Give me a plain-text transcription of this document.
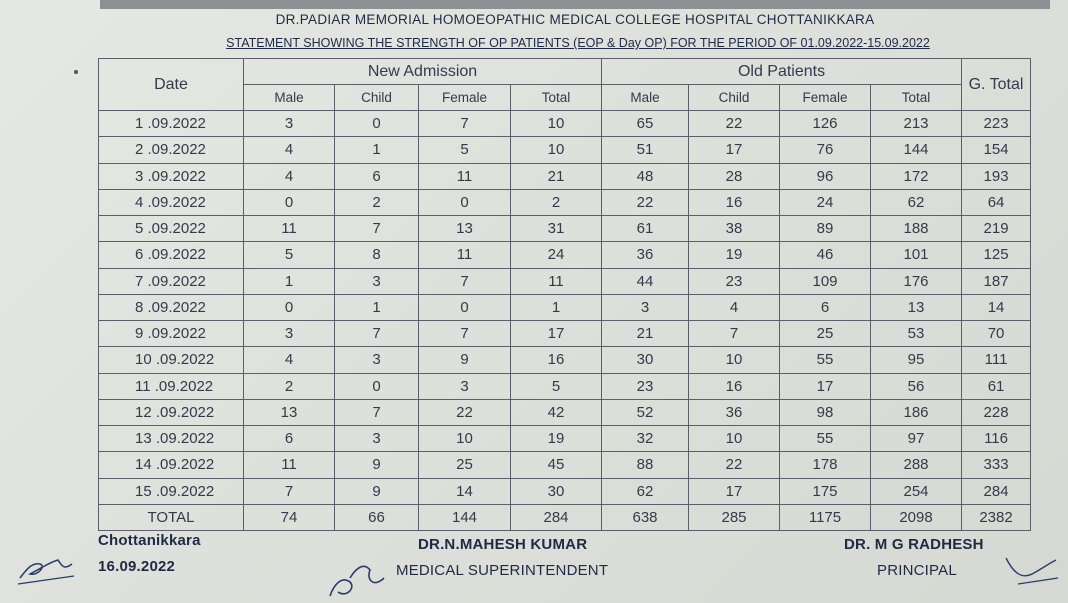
DR.PADIAR MEMORIAL HOMOEOPATHIC MEDICAL COLLEGE HOSPITAL CHOTTANIKKARA
STATEMENT SHOWING THE STRENGTH OF OP PATIENTS (EOP & Day OP) FOR THE PERIOD OF 01.09.2022-15.09.2022
Date	New Admission				Old Patients				G. Total
	Male	Child	Female	Total	Male	Child	Female	Total	
1 .09.2022	3	0	7	10	65	22	126	213	223
2 .09.2022	4	1	5	10	51	17	76	144	154
3 .09.2022	4	6	11	21	48	28	96	172	193
4 .09.2022	0	2	0	2	22	16	24	62	64
5 .09.2022	11	7	13	31	61	38	89	188	219
6 .09.2022	5	8	11	24	36	19	46	101	125
7 .09.2022	1	3	7	11	44	23	109	176	187
8 .09.2022	0	1	0	1	3	4	6	13	14
9 .09.2022	3	7	7	17	21	7	25	53	70
10 .09.2022	4	3	9	16	30	10	55	95	111
11 .09.2022	2	0	3	5	23	16	17	56	61
12 .09.2022	13	7	22	42	52	36	98	186	228
13 .09.2022	6	3	10	19	32	10	55	97	116
14 .09.2022	11	9	25	45	88	22	178	288	333
15 .09.2022	7	9	14	30	62	17	175	254	284
TOTAL	74	66	144	284	638	285	1175	2098	2382
Chottanikkara
16.09.2022
DR.N.MAHESH KUMAR
MEDICAL SUPERINTENDENT
DR. M G RADHESH
PRINCIPAL
